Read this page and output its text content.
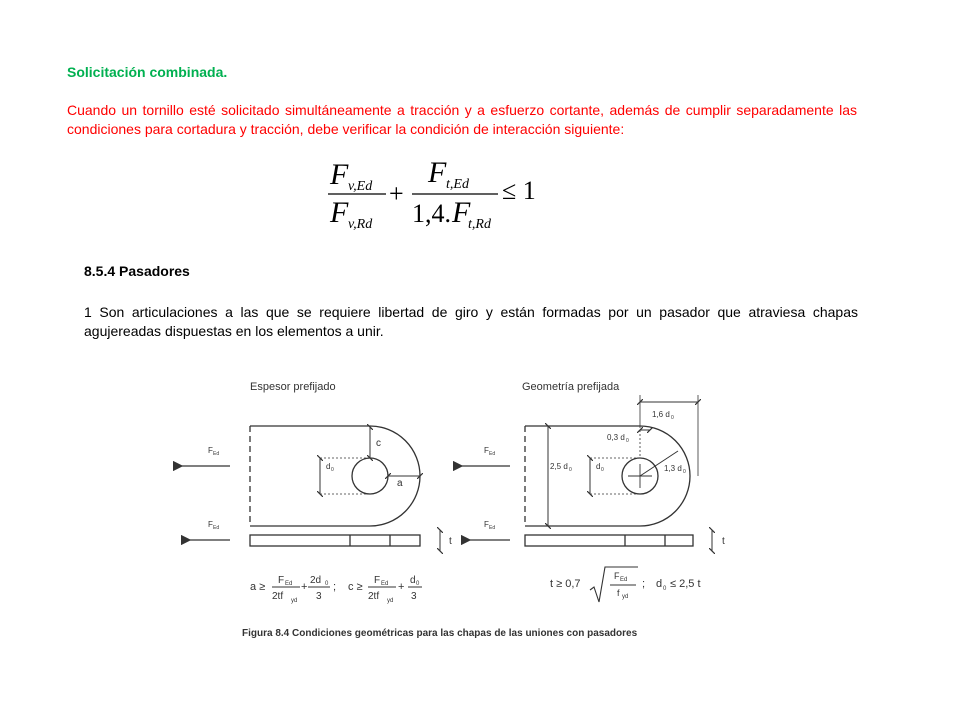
Solicitación combinada.
Cuando un tornillo esté solicitado simultáneamente a tracción y a esfuerzo cortante, además de cumplir separadamente las condiciones para cortadura y tracción, debe verificar la condición de interacción siguiente:
F v,Ed
F v,Rd
+
F t,Ed
1,4. F
t,Rd
≤ 1
8.5.4 Pasadores
1 Son articulaciones a las que se requiere libertad de giro y están formadas por un pasador que atraviesa chapas agujereadas dispuestas en los elementos a unir.
Espesor prefijado	Geometría prefijada
F Ed
F Ed
F Ed
F Ed
c
a
d 0
t
1,6 d 0
0,3 d 0
2,5 d 0	d 0	1,3 d 0
t
a ≥
F Ed
2tf yd
+
2d 0
3
; c ≥
F Ed
2tf yd
+
d 0
3
t ≥ 0,7
F Ed
f yd
; d 0 ≤ 2,5 t
Figura 8.4 Condiciones geométricas para las chapas de las uniones con pasadores
